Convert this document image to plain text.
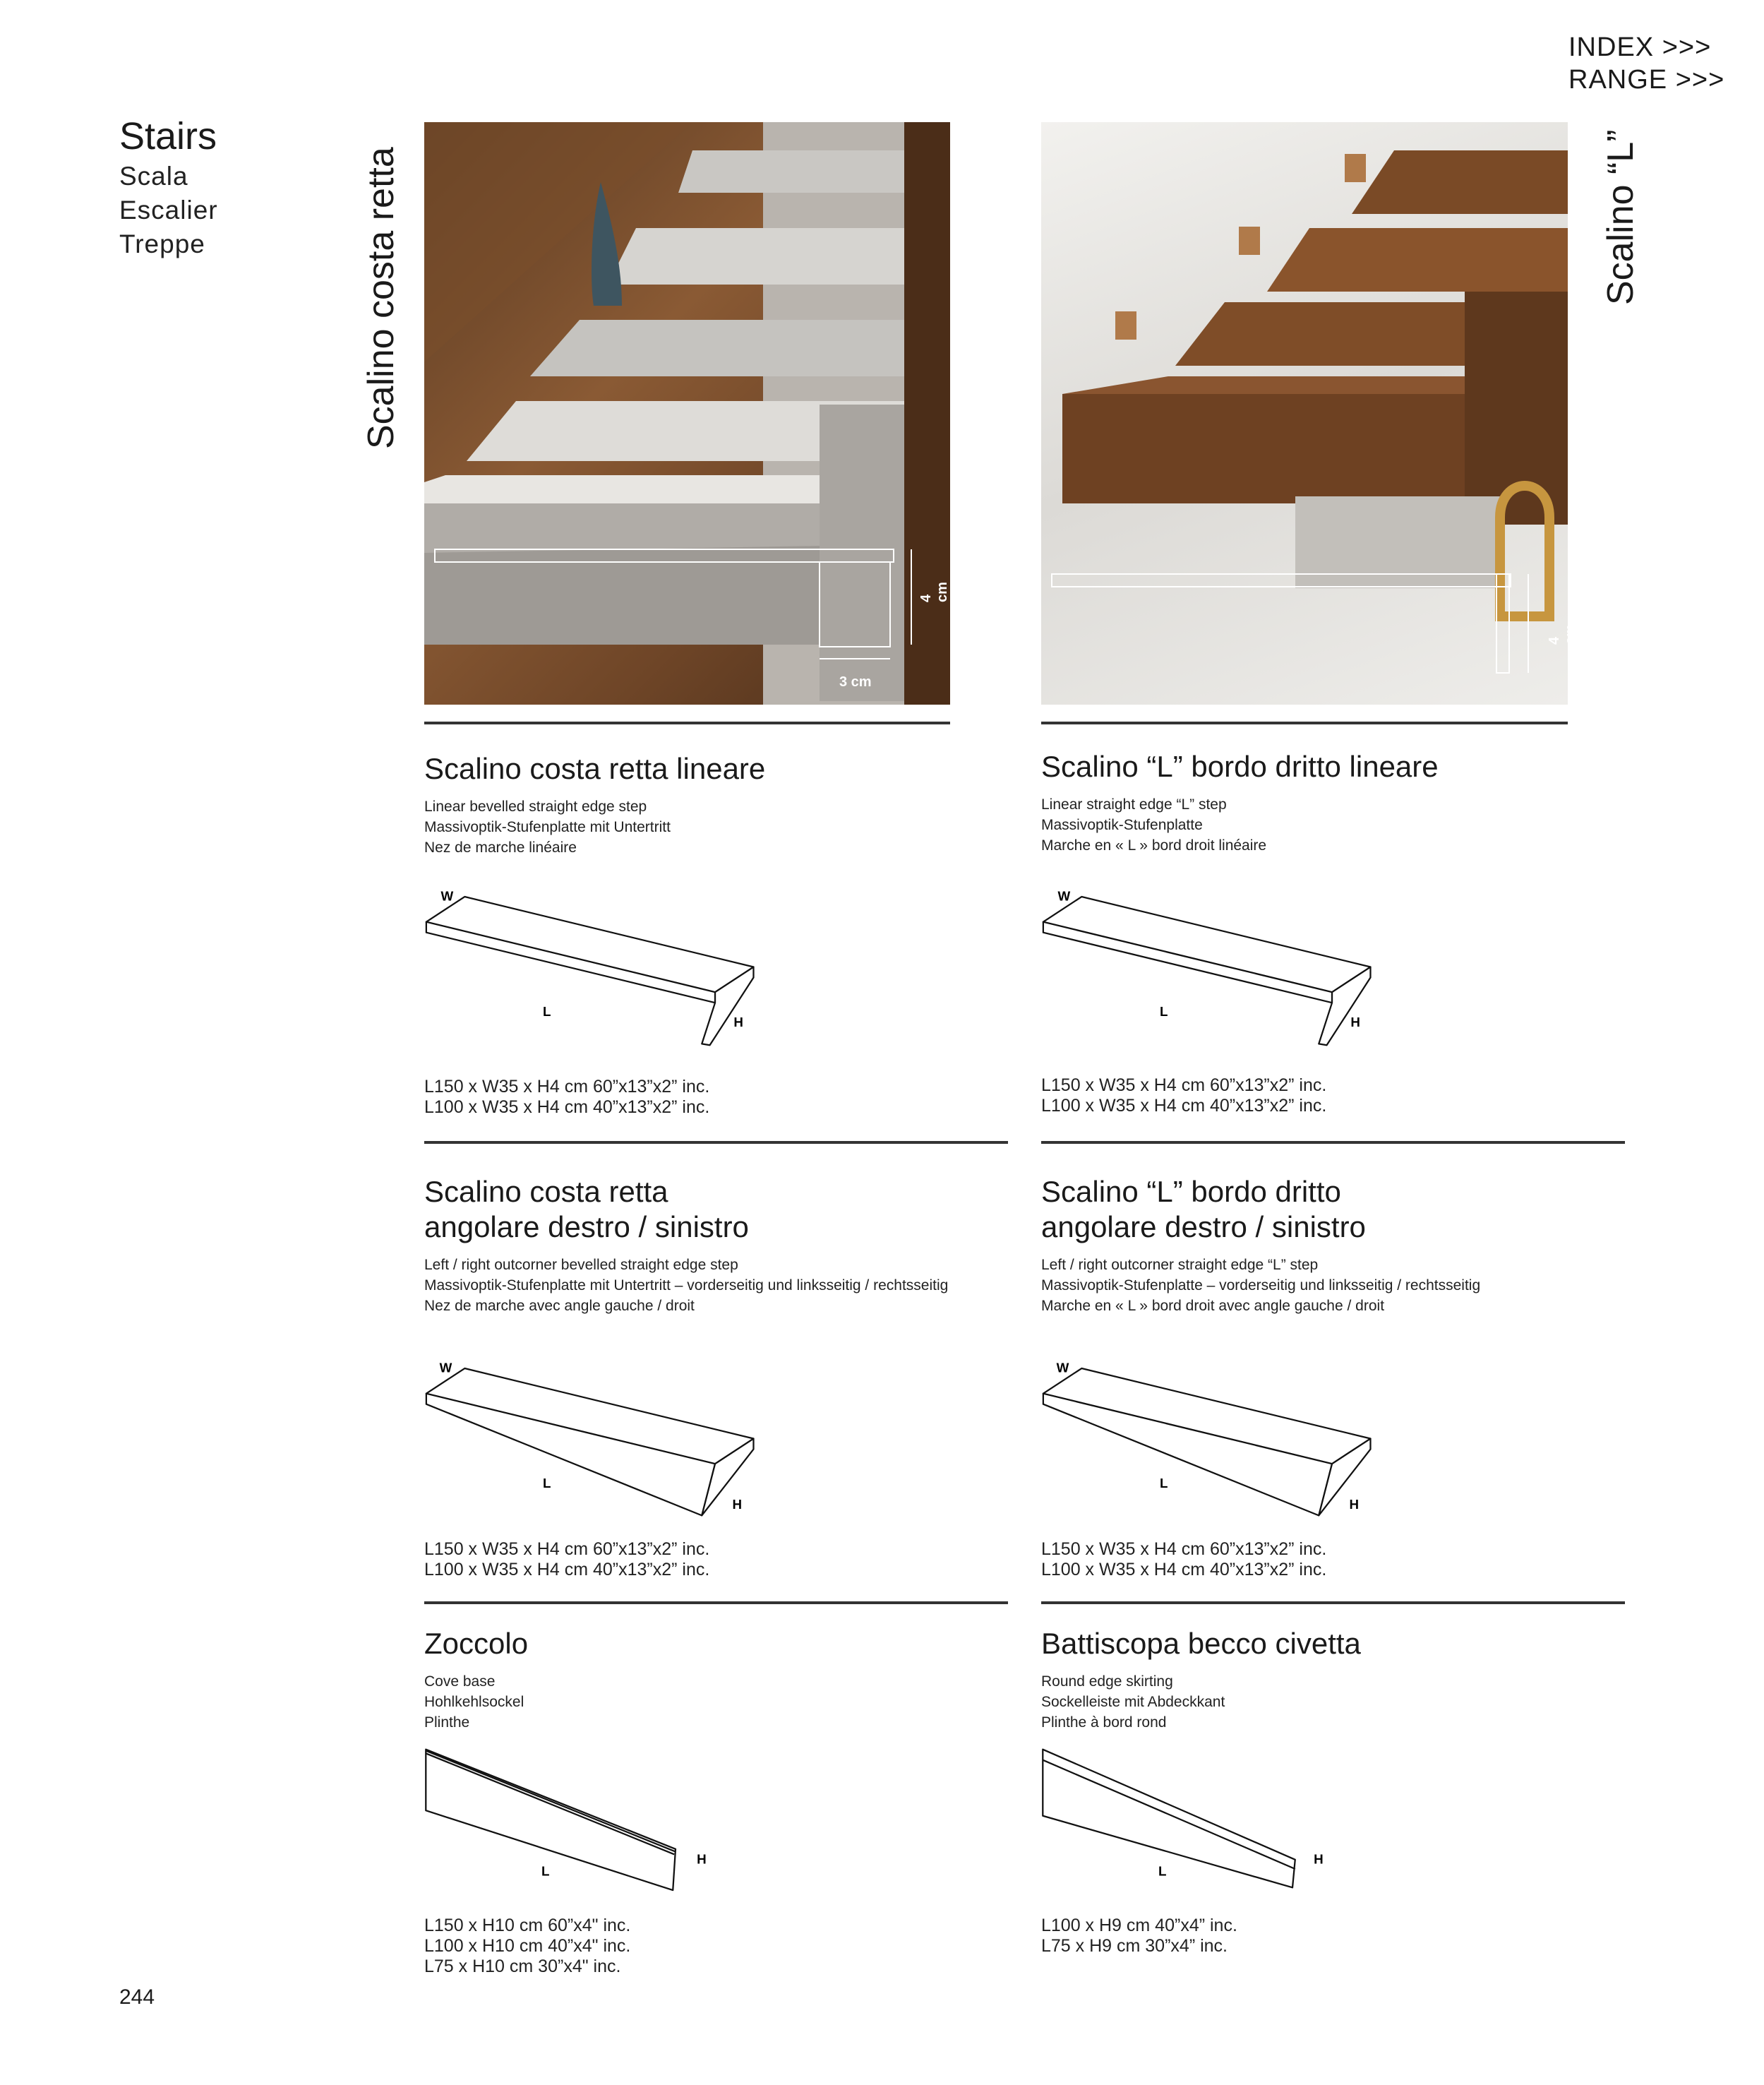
INDEX >>>
RANGE >>>
Stairs
Scala
Escalier
Treppe	Scalino costa retta	Scalino “L”
4 cm
3 cm
4 cm
Scalino costa retta lineare
Linear bevelled straight edge step
Massivoptik-Stufenplatte mit Untertritt
Nez de marche linéaire
W
L
H
L150 x W35 x H4 cm 60”x13”x2” inc.
L100 x W35 x H4 cm 40”x13”x2” inc.
Scalino “L” bordo dritto lineare
Linear straight edge “L” step
Massivoptik-Stufenplatte
Marche en « L » bord droit linéaire
W
L
H
L150 x W35 x H4 cm 60”x13”x2” inc.
L100 x W35 x H4 cm 40”x13”x2” inc.
Scalino costa retta
angolare destro / sinistro
Left / right outcorner bevelled straight edge step
Massivoptik-Stufenplatte mit Untertritt – vorderseitig und linksseitig / rechtsseitig
Nez de marche avec angle gauche / droit
W
L
H
L150 x W35 x H4 cm 60”x13”x2” inc.
L100 x W35 x H4 cm 40”x13”x2” inc.
Scalino “L” bordo dritto
angolare destro / sinistro
Left / right outcorner straight edge “L” step
Massivoptik-Stufenplatte – vorderseitig und linksseitig / rechtsseitig
Marche en « L » bord droit avec angle gauche / droit
W
L
H
L150 x W35 x H4 cm 60”x13”x2” inc.
L100 x W35 x H4 cm 40”x13”x2” inc.
Zoccolo
Cove base
Hohlkehlsockel
Plinthe
L
H
L150 x H10 cm 60”x4" inc.
L100 x H10 cm 40”x4" inc.
L75 x H10 cm 30”x4" inc.
Battiscopa becco civetta
Round edge skirting
Sockelleiste mit Abdeckkant
Plinthe à bord rond
L
H
L100 x H9 cm 40”x4” inc.
L75 x H9 cm 30”x4” inc.
244
